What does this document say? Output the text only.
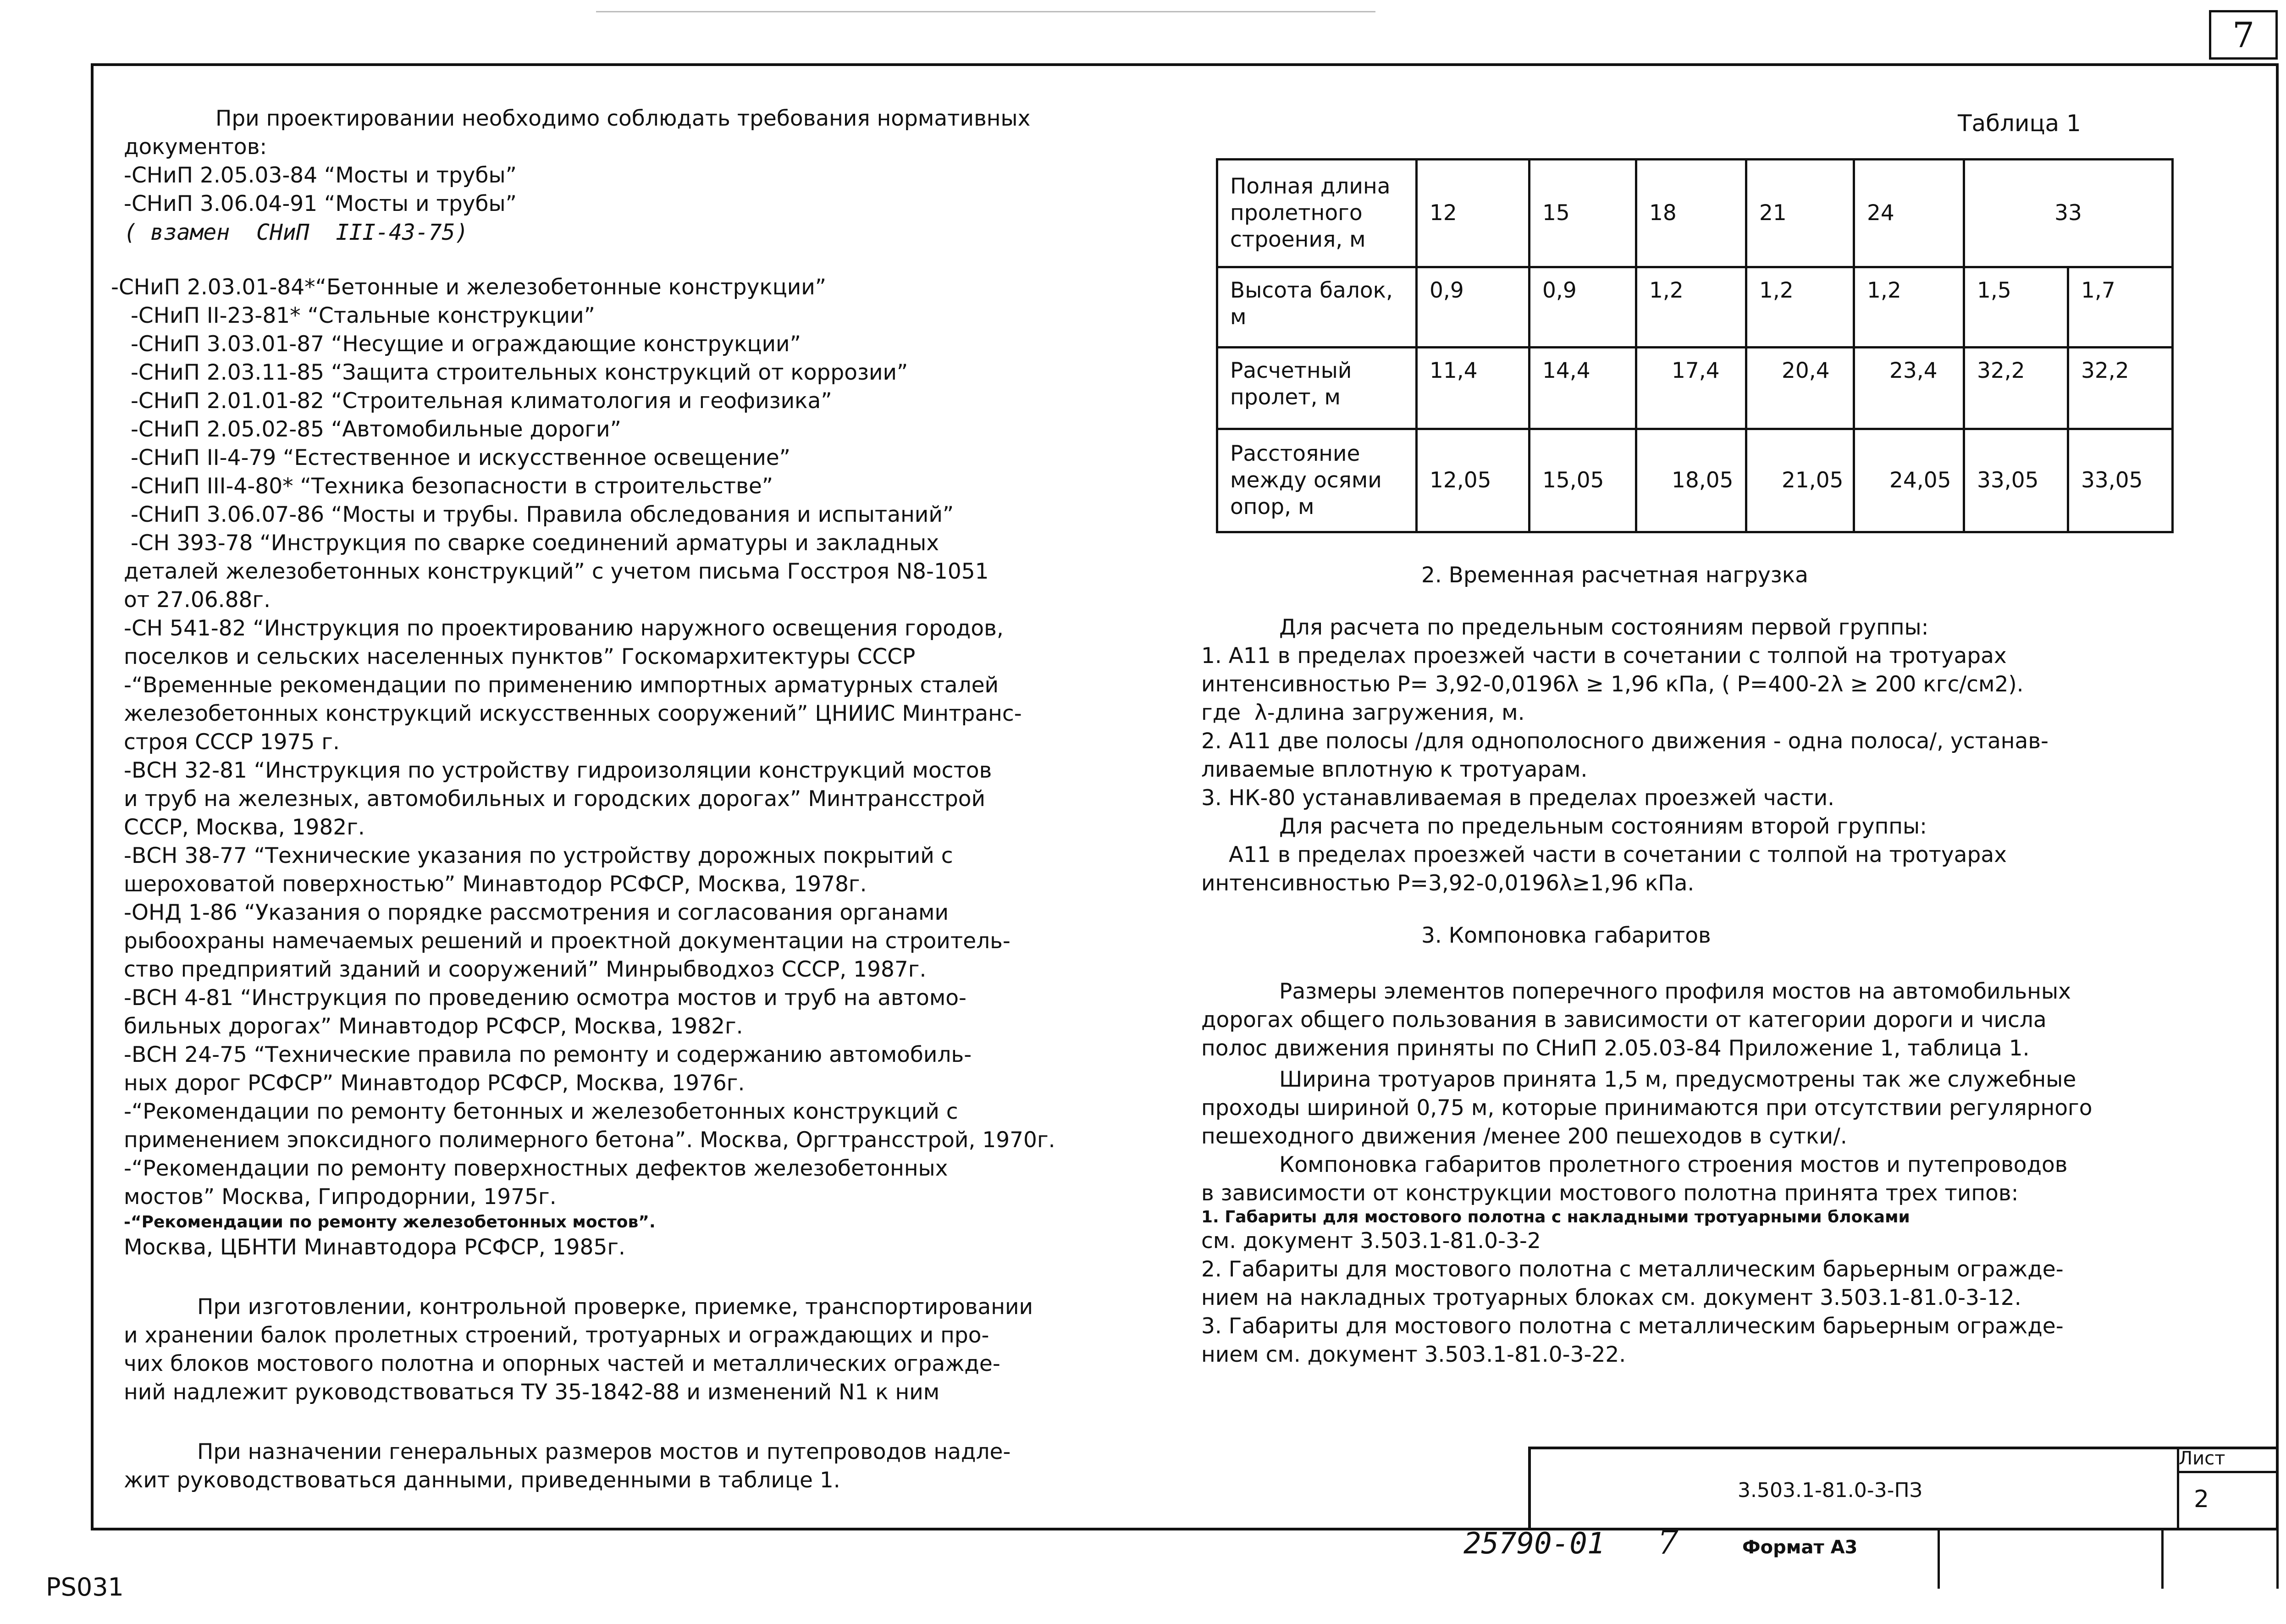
7
При проектировании необходимо соблюдать требования нормативных
документов:
-СНиП 2.05.03-84 “Мосты и трубы”
-СНиП 3.06.04-91 “Мосты и трубы”
( взамен  СНиП  III-43-75)
-СНиП 2.03.01-84*“Бетонные и железобетонные конструкции”
-СНиП II-23-81* “Стальные конструкции”
-СНиП 3.03.01-87 “Несущие и ограждающие конструкции”
-СНиП 2.03.11-85 “Защита строительных конструкций от коррозии”
-СНиП 2.01.01-82 “Строительная климатология и геофизика”
-СНиП 2.05.02-85 “Автомобильные дороги”
-СНиП II-4-79 “Естественное и искусственное освещение”
-СНиП III-4-80* “Техника безопасности в строительстве”
-СНиП 3.06.07-86 “Мосты и трубы. Правила обследования и испытаний”
-СН 393-78 “Инструкция по сварке соединений арматуры и закладных
деталей железобетонных конструкций” с учетом письма Госстроя N8-1051
от 27.06.88г.
-СН 541-82 “Инструкция по проектированию наружного освещения городов,
поселков и сельских населенных пунктов” Госкомархитектуры СССР
-“Временные рекомендации по применению импортных арматурных сталей
железобетонных конструкций искусственных сооружений” ЦНИИС Минтранс-
строя СССР 1975 г.
-ВСН 32-81 “Инструкция по устройству гидроизоляции конструкций мостов
и труб на железных, автомобильных и городских дорогах” Минтрансстрой
СССР, Москва, 1982г.
-ВСН 38-77 “Технические указания по устройству дорожных покрытий с
шероховатой поверхностью” Минавтодор РСФСР, Москва, 1978г.
-ОНД 1-86 “Указания о порядке рассмотрения и согласования органами
рыбоохраны намечаемых решений и проектной документации на строитель-
ство предприятий зданий и сооружений” Минрыбводхоз СССР, 1987г.
-ВСН 4-81 “Инструкция по проведению осмотра мостов и труб на автомо-
бильных дорогах” Минавтодор РСФСР, Москва, 1982г.
-ВСН 24-75 “Технические правила по ремонту и содержанию автомобиль-
ных дорог РСФСР” Минавтодор РСФСР, Москва, 1976г.
-“Рекомендации по ремонту бетонных и железобетонных конструкций с
применением эпоксидного полимерного бетона”. Москва, Оргтрансстрой, 1970г.
-“Рекомендации по ремонту поверхностных дефектов железобетонных
мостов” Москва, Гипродорнии, 1975г.
-“Рекомендации по ремонту железобетонных мостов”.
Москва, ЦБНТИ Минавтодора РСФСР, 1985г.
При изготовлении, контрольной проверке, приемке, транспортировании
и хранении балок пролетных строений, тротуарных и ограждающих и про-
чих блоков мостового полотна и опорных частей и металлических огражде-
ний надлежит руководствоваться ТУ 35-1842-88 и изменений N1 к ним
При назначении генеральных размеров мостов и путепроводов надле-
жит руководствоваться данными, приведенными в таблице 1.
Таблица 1
Полная длина пролетного строения, м	12	15	18	21	24	33	
Высота балок, м	0,9	0,9	1,2	1,2	1,2	1,5	1,7
Расчетный пролет, м	11,4	14,4	17,4	20,4	23,4	32,2	32,2
Расстояние между осями опор, м	12,05	15,05	18,05	21,05	24,05	33,05	33,05
2. Временная расчетная нагрузка
Для расчета по предельным состояниям первой группы:
1. А11 в пределах проезжей части в сочетании с толпой на тротуарах
интенсивностью Р= 3,92-0,0196λ ≥ 1,96 кПа, ( Р=400-2λ ≥ 200 кгс/см2).
где  λ-длина загружения, м.
2. А11 две полосы /для однополосного движения - одна полоса/, устанав-
ливаемые вплотную к тротуарам.
3. НК-80 устанавливаемая в пределах проезжей части.
Для расчета по предельным состояниям второй группы:
А11 в пределах проезжей части в сочетании с толпой на тротуарах
интенсивностью Р=3,92-0,0196λ≥1,96 кПа.
3. Компоновка габаритов
Размеры элементов поперечного профиля мостов на автомобильных
дорогах общего пользования в зависимости от категории дороги и числа
полос движения приняты по СНиП 2.05.03-84 Приложение 1, таблица 1.
Ширина тротуаров принята 1,5 м, предусмотрены так же служебные
проходы шириной 0,75 м, которые принимаются при отсутствии регулярного
пешеходного движения /менее 200 пешеходов в сутки/.
Компоновка габаритов пролетного строения мостов и путепроводов
в зависимости от конструкции мостового полотна принята трех типов:
1. Габариты для мостового полотна с накладными тротуарными блоками
см. документ 3.503.1-81.0-3-2
2. Габариты для мостового полотна с металлическим барьерным огражде-
нием на накладных тротуарных блоках см. документ 3.503.1-81.0-3-12.
3. Габариты для мостового полотна с металлическим барьерным огражде-
нием см. документ 3.503.1-81.0-3-22.
3.503.1-81.0-3-ПЗ
Лист
2
25790-01 7	Формат А3
PS031
